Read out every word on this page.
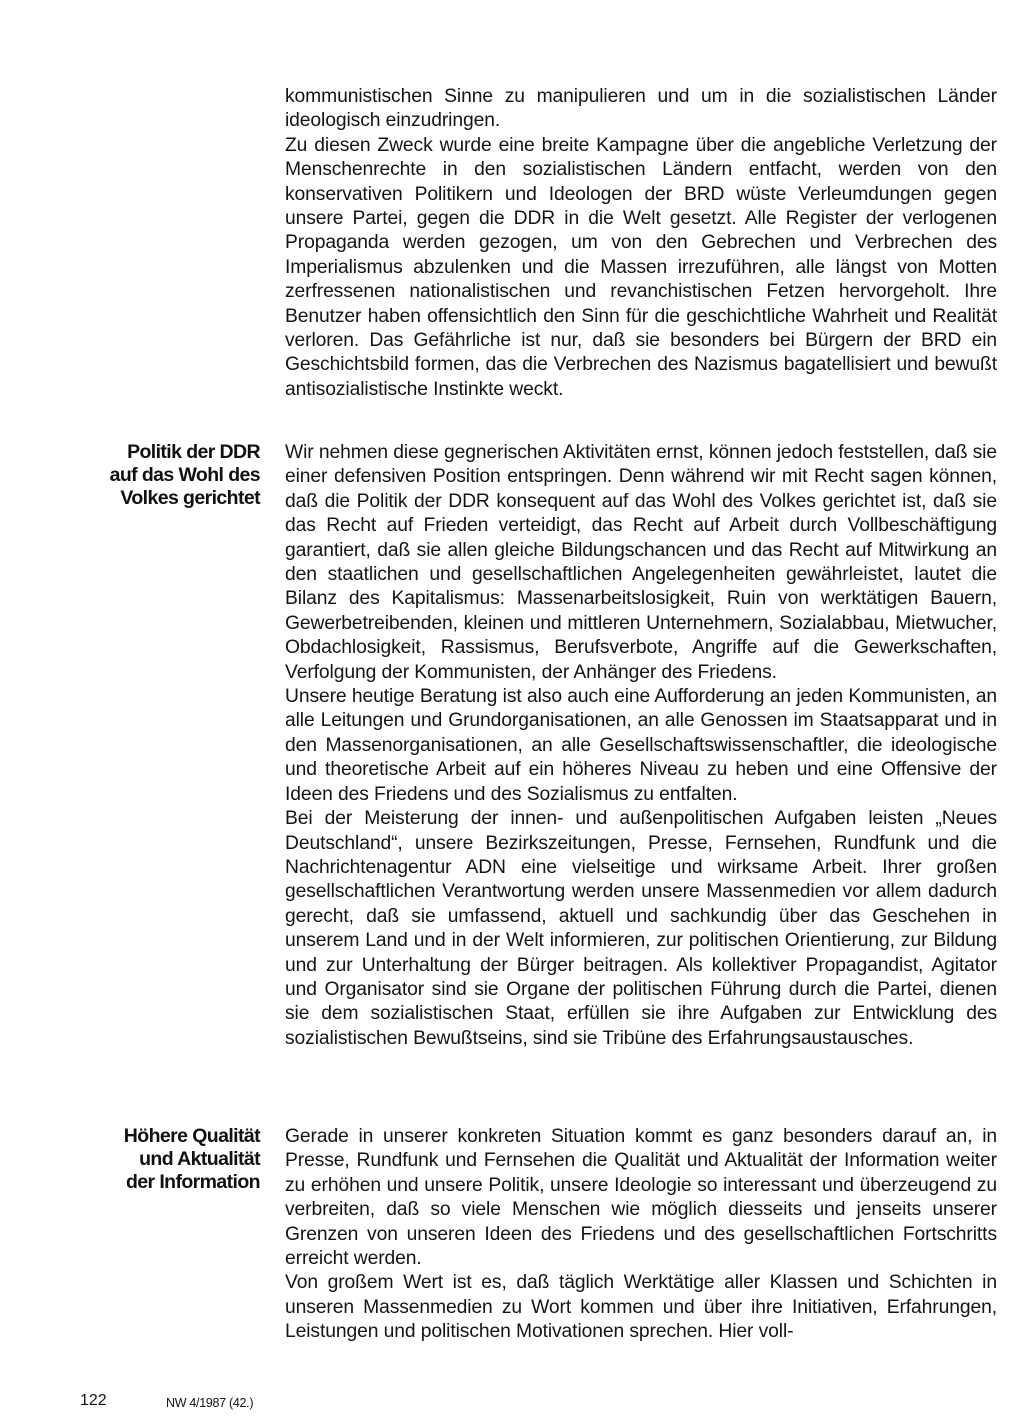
kommunistischen Sinne zu manipulieren und um in die sozialistischen Länder ideologisch einzudringen.

Zu diesen Zweck wurde eine breite Kampagne über die angebliche Verletzung der Menschenrechte in den sozialistischen Ländern entfacht, werden von den konservativen Politikern und Ideologen der BRD wüste Verleumdungen gegen unsere Partei, gegen die DDR in die Welt gesetzt. Alle Register der verlogenen Propaganda werden gezogen, um von den Gebrechen und Verbrechen des Imperialismus abzulenken und die Massen irrezuführen, alle längst von Motten zerfressenen nationalistischen und revanchistischen Fetzen hervorgeholt. Ihre Benutzer haben offensichtlich den Sinn für die geschichtliche Wahrheit und Realität verloren. Das Gefährliche ist nur, daß sie besonders bei Bürgern der BRD ein Geschichtsbild formen, das die Verbrechen des Nazismus bagatellisiert und bewußt antisozialistische Instinkte weckt.

Politik der DDR
auf das Wohl des
Volkes gerichtet

Wir nehmen diese gegnerischen Aktivitäten ernst, können jedoch feststellen, daß sie einer defensiven Position entspringen. Denn während wir mit Recht sagen können, daß die Politik der DDR konsequent auf das Wohl des Volkes gerichtet ist, daß sie das Recht auf Frieden verteidigt, das Recht auf Arbeit durch Vollbeschäftigung garantiert, daß sie allen gleiche Bildungschancen und das Recht auf Mitwirkung an den staatlichen und gesellschaftlichen Angelegenheiten gewährleistet, lautet die Bilanz des Kapitalismus: Massenarbeitslosigkeit, Ruin von werktätigen Bauern, Gewerbetreibenden, kleinen und mittleren Unternehmern, Sozialabbau, Mietwucher, Obdachlosigkeit, Rassismus, Berufsverbote, Angriffe auf die Gewerkschaften, Verfolgung der Kommunisten, der Anhänger des Friedens.

Unsere heutige Beratung ist also auch eine Aufforderung an jeden Kommunisten, an alle Leitungen und Grundorganisationen, an alle Genossen im Staatsapparat und in den Massenorganisationen, an alle Gesellschaftswissenschaftler, die ideologische und theoretische Arbeit auf ein höheres Niveau zu heben und eine Offensive der Ideen des Friedens und des Sozialismus zu entfalten.

Bei der Meisterung der innen- und außenpolitischen Aufgaben leisten „Neues Deutschland“, unsere Bezirkszeitungen, Presse, Fernsehen, Rundfunk und die Nachrichtenagentur ADN eine vielseitige und wirksame Arbeit. Ihrer großen gesellschaftlichen Verantwortung werden unsere Massenmedien vor allem dadurch gerecht, daß sie umfassend, aktuell und sachkundig über das Geschehen in unserem Land und in der Welt informieren, zur politischen Orientierung, zur Bildung und zur Unterhaltung der Bürger beitragen. Als kollektiver Propagandist, Agitator und Organisator sind sie Organe der politischen Führung durch die Partei, dienen sie dem sozialistischen Staat, erfüllen sie ihre Aufgaben zur Entwicklung des sozialistischen Bewußtseins, sind sie Tribüne des Erfahrungsaustausches.

Höhere Qualität
und Aktualität
der Information

Gerade in unserer konkreten Situation kommt es ganz besonders darauf an, in Presse, Rundfunk und Fernsehen die Qualität und Aktualität der Information weiter zu erhöhen und unsere Politik, unsere Ideologie so interessant und überzeugend zu verbreiten, daß so viele Menschen wie möglich diesseits und jenseits unserer Grenzen von unseren Ideen des Friedens und des gesellschaftlichen Fortschritts erreicht werden.

Von großem Wert ist es, daß täglich Werktätige aller Klassen und Schichten in unseren Massenmedien zu Wort kommen und über ihre Initiativen, Erfahrungen, Leistungen und politischen Motivationen sprechen. Hier voll-

122	NW 4/1987 (42.)
